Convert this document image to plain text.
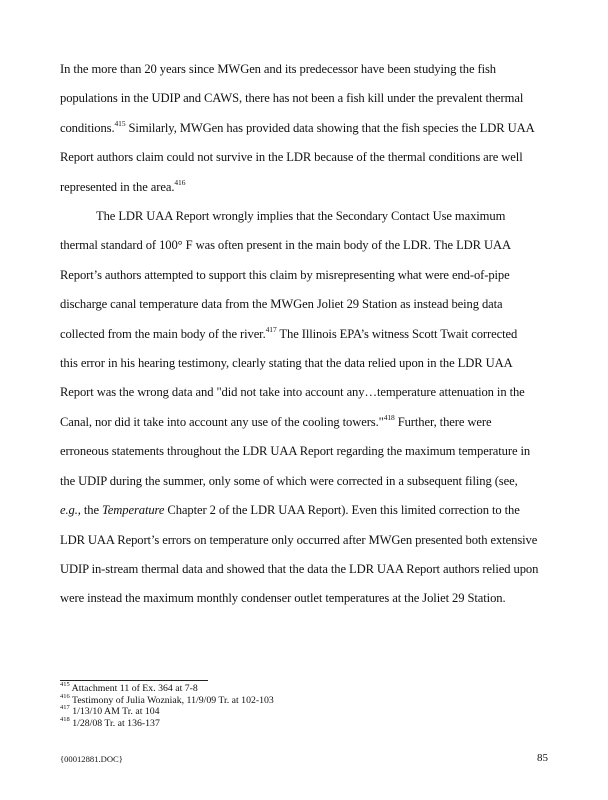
In the more than 20 years since MWGen and its predecessor have been studying the fish
populations in the UDIP and CAWS, there has not been a fish kill under the prevalent thermal
conditions.$^{415}$ Similarly, MWGen has provided data showing that the fish species the LDR UAA
Report authors claim could not survive in the LDR because of the thermal conditions are well
represented in the area.$^{416}$

The LDR UAA Report wrongly implies that the Secondary Contact Use maximum
thermal standard of 100° F was often present in the main body of the LDR. The LDR UAA
Report’s authors attempted to support this claim by misrepresenting what were end-of-pipe
discharge canal temperature data from the MWGen Joliet 29 Station as instead being data
collected from the main body of the river.$^{417}$ The Illinois EPA’s witness Scott Twait corrected
this error in his hearing testimony, clearly stating that the data relied upon in the LDR UAA
Report was the wrong data and "did not take into account any…temperature attenuation in the
Canal, nor did it take into account any use of the cooling towers."$^{418}$ Further, there were
erroneous statements throughout the LDR UAA Report regarding the maximum temperature in
the UDIP during the summer, only some of which were corrected in a subsequent filing (see,
e.g., the Temperature Chapter 2 of the LDR UAA Report). Even this limited correction to the
LDR UAA Report’s errors on temperature only occurred after MWGen presented both extensive
UDIP in-stream thermal data and showed that the data the LDR UAA Report authors relied upon
were instead the maximum monthly condenser outlet temperatures at the Joliet 29 Station.

$^{415}$ Attachment 11 of Ex. 364 at 7-8
$^{416}$ Testimony of Julia Wozniak, 11/9/09 Tr. at 102-103
$^{417}$ 1/13/10 AM Tr. at 104
$^{418}$ 1/28/08 Tr. at 136-137
{00012881.DOC}	85
